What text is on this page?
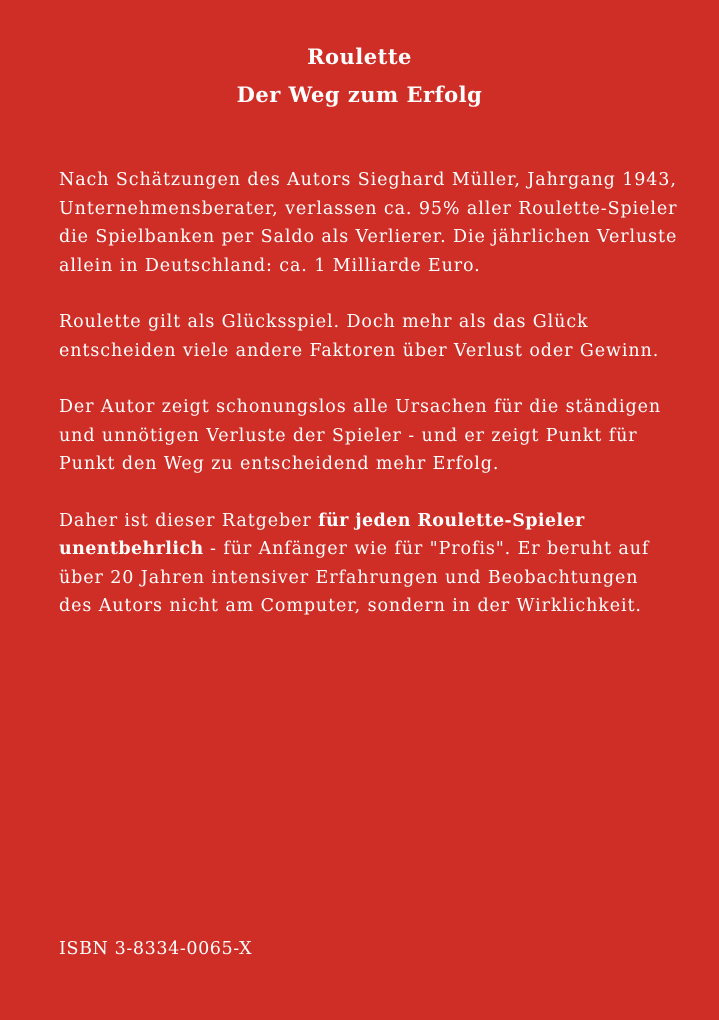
Roulette

Der Weg zum Erfolg

Nach Schätzungen des Autors Sieghard Müller, Jahrgang 1943,
Unternehmensberater, verlassen ca. 95% aller Roulette-Spieler
die Spielbanken per Saldo als Verlierer. Die jährlichen Verluste
allein in Deutschland: ca. 1 Milliarde Euro.

Roulette gilt als Glücksspiel. Doch mehr als das Glück
entscheiden viele andere Faktoren über Verlust oder Gewinn.

Der Autor zeigt schonungslos alle Ursachen für die ständigen
und unnötigen Verluste der Spieler - und er zeigt Punkt für
Punkt den Weg zu entscheidend mehr Erfolg.

Daher ist dieser Ratgeber für jeden Roulette-Spieler
unentbehrlich - für Anfänger wie für "Profis". Er beruht auf
über 20 Jahren intensiver Erfahrungen und Beobachtungen
des Autors nicht am Computer, sondern in der Wirklichkeit.

ISBN 3-8334-0065-X
